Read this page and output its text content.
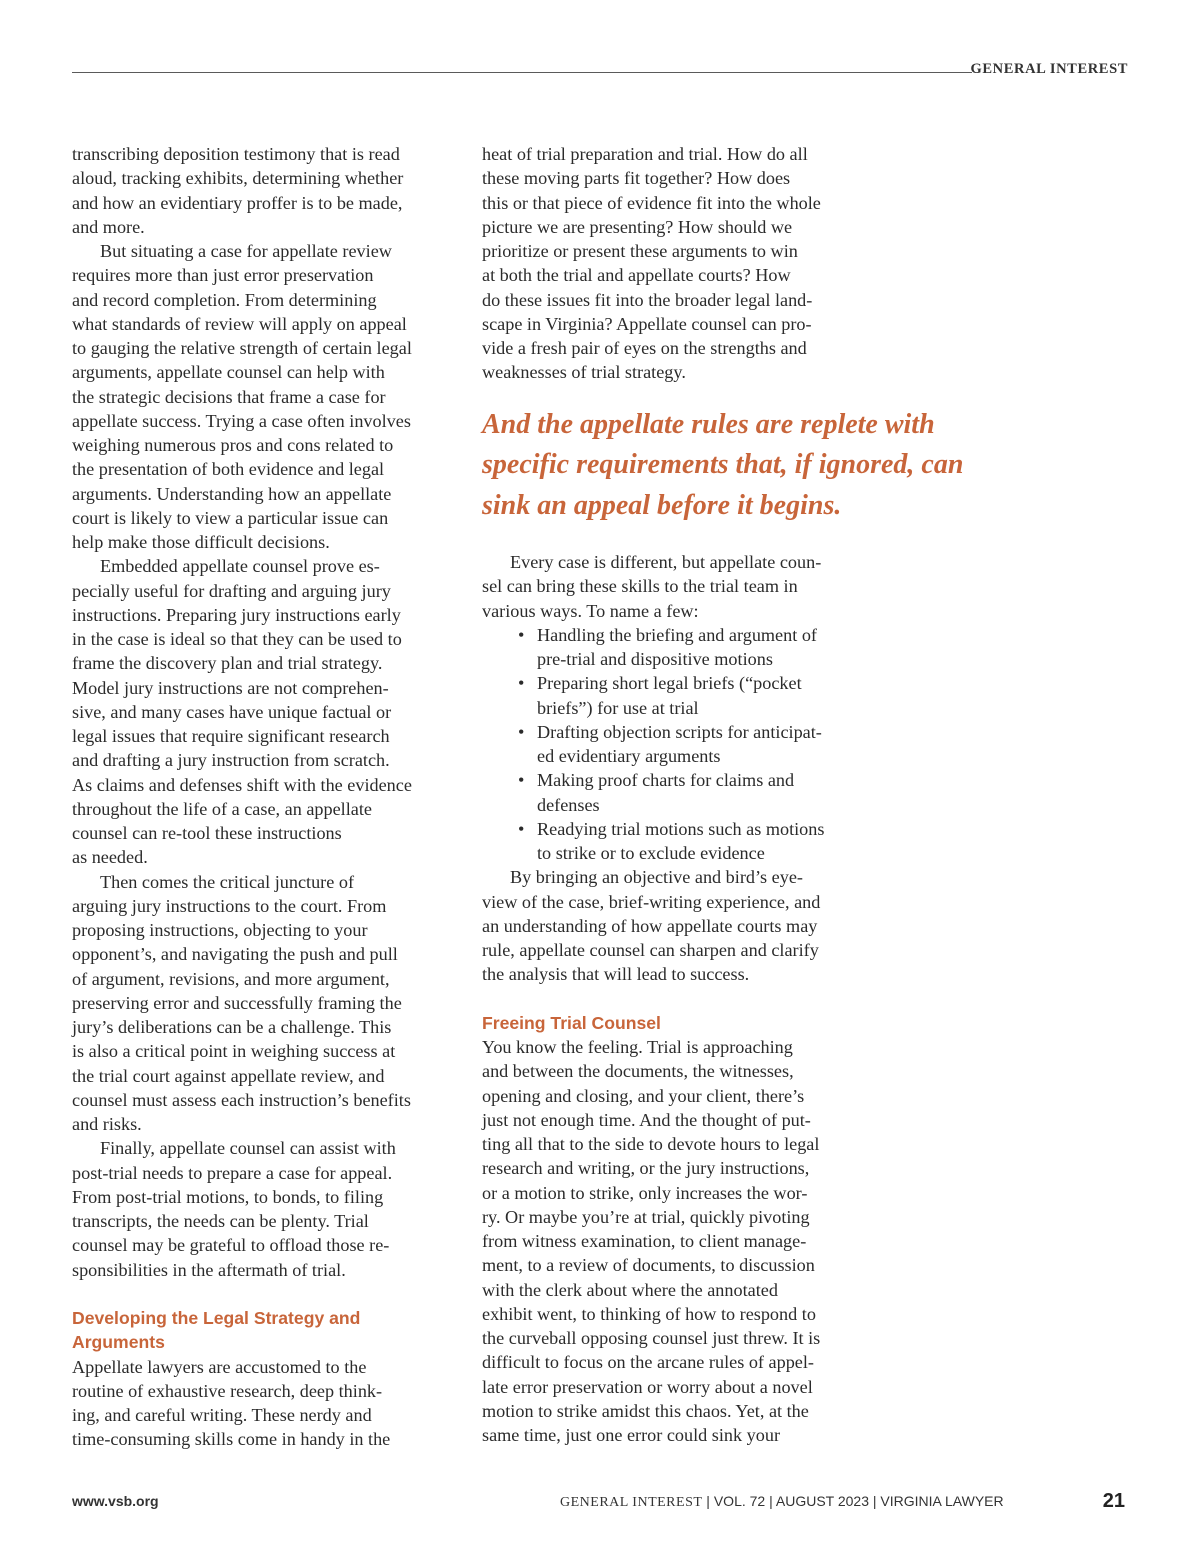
GENERAL INTEREST
transcribing deposition testimony that is read
aloud, tracking exhibits, determining whether
and how an evidentiary proffer is to be made,
and more.
But situating a case for appellate review
requires more than just error preservation
and record completion. From determining
what standards of review will apply on appeal
to gauging the relative strength of certain legal
arguments, appellate counsel can help with
the strategic decisions that frame a case for
appellate success. Trying a case often involves
weighing numerous pros and cons related to
the presentation of both evidence and legal
arguments. Understanding how an appellate
court is likely to view a particular issue can
help make those difficult decisions.
Embedded appellate counsel prove es-
pecially useful for drafting and arguing jury
instructions. Preparing jury instructions early
in the case is ideal so that they can be used to
frame the discovery plan and trial strategy.
Model jury instructions are not comprehen-
sive, and many cases have unique factual or
legal issues that require significant research
and drafting a jury instruction from scratch.
As claims and defenses shift with the evidence
throughout the life of a case, an appellate
counsel can re-tool these instructions
as needed.
Then comes the critical juncture of
arguing jury instructions to the court. From
proposing instructions, objecting to your
opponent’s, and navigating the push and pull
of argument, revisions, and more argument,
preserving error and successfully framing the
jury’s deliberations can be a challenge. This
is also a critical point in weighing success at
the trial court against appellate review, and
counsel must assess each instruction’s benefits
and risks.
Finally, appellate counsel can assist with
post-trial needs to prepare a case for appeal.
From post-trial motions, to bonds, to filing
transcripts, the needs can be plenty. Trial
counsel may be grateful to offload those re-
sponsibilities in the aftermath of trial.
Developing the Legal Strategy and
Arguments
Appellate lawyers are accustomed to the
routine of exhaustive research, deep think-
ing, and careful writing. These nerdy and
time-consuming skills come in handy in the
heat of trial preparation and trial. How do all
these moving parts fit together? How does
this or that piece of evidence fit into the whole
picture we are presenting? How should we
prioritize or present these arguments to win
at both the trial and appellate courts? How
do these issues fit into the broader legal land-
scape in Virginia? Appellate counsel can pro-
vide a fresh pair of eyes on the strengths and
weaknesses of trial strategy.
And the appellate rules are replete with
specific requirements that, if ignored, can
sink an appeal before it begins.
Every case is different, but appellate coun-
sel can bring these skills to the trial team in
various ways. To name a few:
• Handling the briefing and argument of
pre-trial and dispositive motions
• Preparing short legal briefs (“pocket
briefs”) for use at trial
• Drafting objection scripts for anticipat-
ed evidentiary arguments
• Making proof charts for claims and
defenses
• Readying trial motions such as motions
to strike or to exclude evidence
By bringing an objective and bird’s eye-
view of the case, brief-writing experience, and
an understanding of how appellate courts may
rule, appellate counsel can sharpen and clarify
the analysis that will lead to success.
Freeing Trial Counsel
You know the feeling. Trial is approaching
and between the documents, the witnesses,
opening and closing, and your client, there’s
just not enough time. And the thought of put-
ting all that to the side to devote hours to legal
research and writing, or the jury instructions,
or a motion to strike, only increases the wor-
ry. Or maybe you’re at trial, quickly pivoting
from witness examination, to client manage-
ment, to a review of documents, to discussion
with the clerk about where the annotated
exhibit went, to thinking of how to respond to
the curveball opposing counsel just threw. It is
difficult to focus on the arcane rules of appel-
late error preservation or worry about a novel
motion to strike amidst this chaos. Yet, at the
same time, just one error could sink your
www.vsb.org	GENERAL INTEREST | VOL. 72 | AUGUST 2023 | VIRGINIA LAWYER	21
